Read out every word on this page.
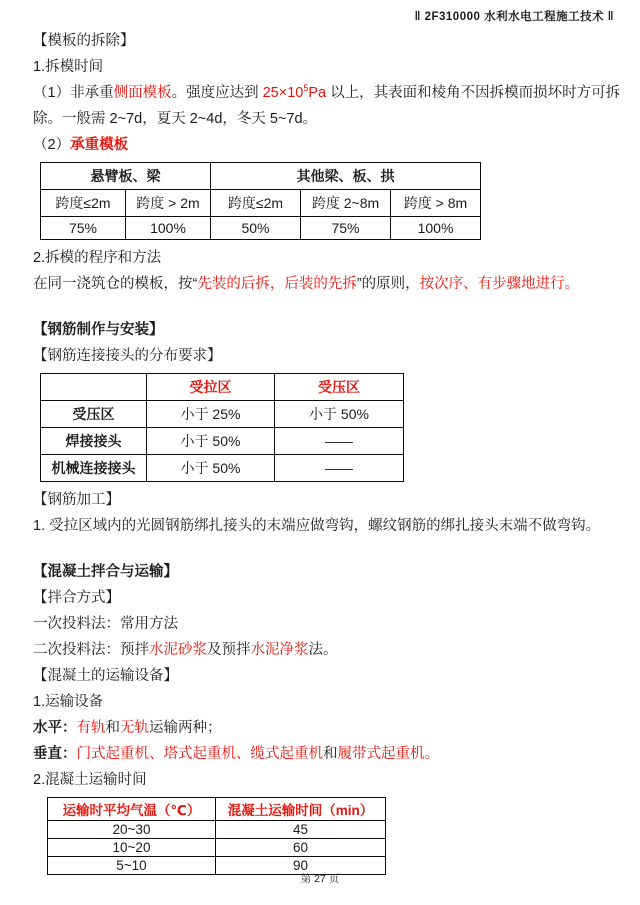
‖ 2F310000 水利水电工程施工技术 ‖

【模板的拆除】

1.拆模时间

（1）非承重侧面模板。强度应达到 $25\times 10^5Pa$ 以上，其表面和棱角不因拆模而损坏时方可拆除。一般需 2~7d，夏天 2~4d，冬天 5~7d。

（2）承重模板

悬臂板、梁		其他梁、板、拱		
跨度≤2m	跨度 > 2m	跨度≤2m	跨度 2~8m	跨度 > 8m
75%	100%	50%	75%	100%

2.拆模的程序和方法

在同一浇筑仓的模板，按“先装的后拆，后装的先拆”的原则，按次序、有步骤地进行。

【钢筋制作与安装】

【钢筋连接接头的分布要求】

	受拉区	受压区
受压区	小于 25%	小于 50%
焊接接头	小于 50%	——
机械连接接头	小于 50%	——

【钢筋加工】

1. 受拉区域内的光圆钢筋绑扎接头的末端应做弯钩，螺纹钢筋的绑扎接头末端不做弯钩。

【混凝土拌合与运输】

【拌合方式】

一次投料法：常用方法

二次投料法：预拌水泥砂浆及预拌水泥净浆法。

【混凝土的运输设备】

1.运输设备

水平：有轨和无轨运输两种；

垂直：门式起重机、塔式起重机、缆式起重机和履带式起重机。

2.混凝土运输时间

运输时平均气温（℃）	混凝土运输时间（min）
20~30	45
10~20	60
5~10	90
第 27 页
